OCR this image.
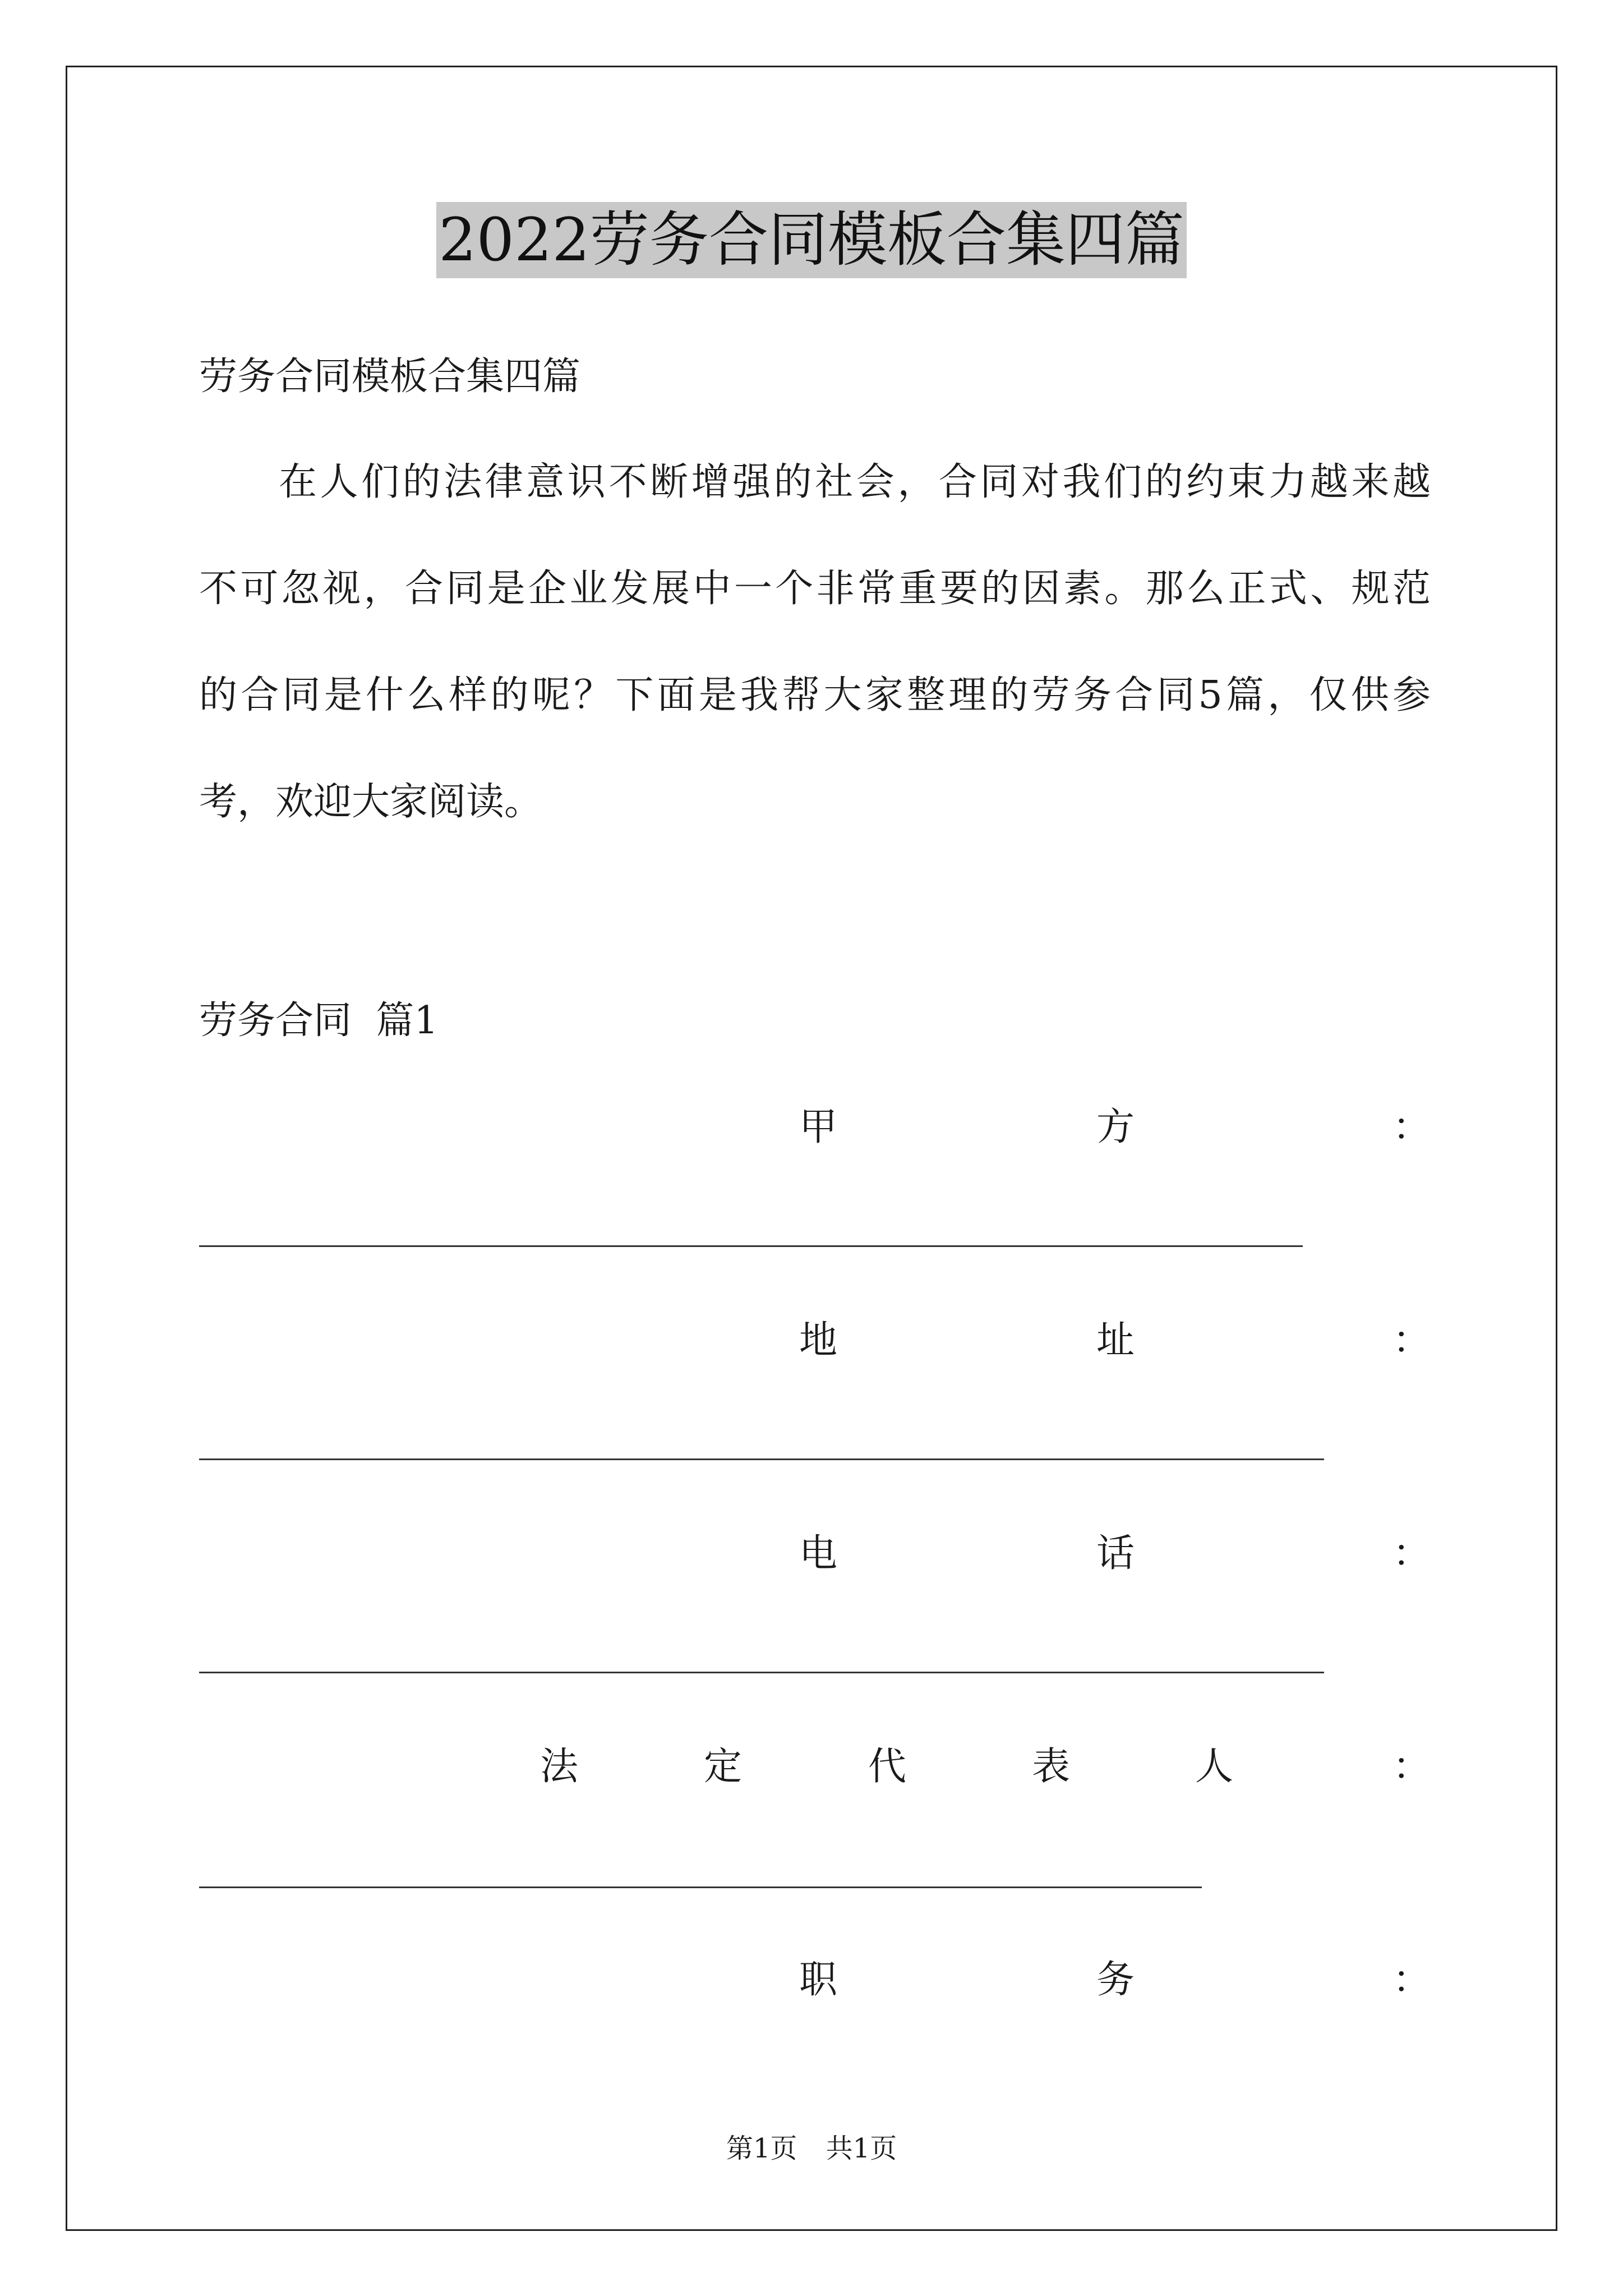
2022劳务合同模板合集四篇
劳务合同模板合集四篇
在人们的法律意识不断增强的社会，合同对我们的约束力越来越
不可忽视，合同是企业发展中一个非常重要的因素。那么正式、规范
的合同是什么样的呢？下面是我帮大家整理的劳务合同5篇，仅供参
考，欢迎大家阅读。
劳务合同  篇1
甲	方	：
地	址	：
电	话	：
法	定	代	表	人	：
职	务	：
第1页 共1页
